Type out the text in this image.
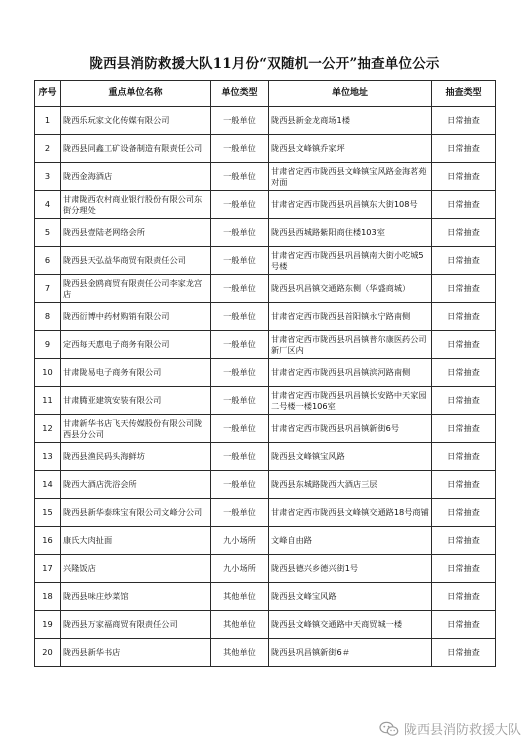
陇西县消防救援大队11月份“双随机一公开”抽查单位公示
序号	重点单位名称	单位类型	单位地址	抽查类型
1	陇西乐玩家文化传媒有限公司	一般单位	陇西县新金龙商场1楼	日常抽查
2	陇西县同鑫工矿设备制造有限责任公司	一般单位	陇西县文峰镇乔家坪	日常抽查
3	陇西金海酒店	一般单位	甘肃省定西市陇西县文峰镇宝风路金海茗苑对面	日常抽查
4	甘肃陇西农村商业银行股份有限公司东街分理处	一般单位	甘肃省定西市陇西县巩昌镇东大街108号	日常抽查
5	陇西县壹陆老网络会所	一般单位	陇西县西城路紫阳商住楼103室	日常抽查
6	陇西县天弘益华商贸有限责任公司	一般单位	甘肃省定西市陇西县巩昌镇南大街小吃城5号楼	日常抽查
7	陇西县金鸥商贸有限责任公司李家龙宫店	一般单位	陇西县巩昌镇交通路东侧（华盛商城）	日常抽查
8	陇西衍博中药材购销有限公司	一般单位	甘肃省定西市陇西县首阳镇永宁路南侧	日常抽查
9	定西每天惠电子商务有限公司	一般单位	甘肃省定西市陇西县巩昌镇普尔康医药公司新厂区内	日常抽查
10	甘肃陇易电子商务有限公司	一般单位	甘肃省定西市陇西县巩昌镇滨河路南侧	日常抽查
11	甘肃腾亚建筑安装有限公司	一般单位	甘肃省定西市陇西县巩昌镇长安路中天家园二号楼一楼106室	日常抽查
12	甘肃新华书店飞天传媒股份有限公司陇西县分公司	一般单位	甘肃省定西市陇西县巩昌镇新街6号	日常抽查
13	陇西县渔民码头海鲜坊	一般单位	陇西县文峰镇宝风路	日常抽查
14	陇西大酒店洗浴会所	一般单位	陇西县东城路陇西大酒店三层	日常抽查
15	陇西县新华泰珠宝有限公司文峰分公司	一般单位	甘肃省定西市陇西县文峰镇交通路18号商铺	日常抽查
16	康氏大肉扯面	九小场所	文峰自由路	日常抽查
17	兴隆饭店	九小场所	陇西县德兴乡德兴街1号	日常抽查
18	陇西县味庄炒菜馆	其他单位	陇西县文峰宝风路	日常抽查
19	陇西县万家福商贸有限责任公司	其他单位	陇西县文峰镇交通路中天商贸城一楼	日常抽查
20	陇西县新华书店	其他单位	陇西县巩昌镇新街6＃	日常抽查
陇西县消防救援大队
